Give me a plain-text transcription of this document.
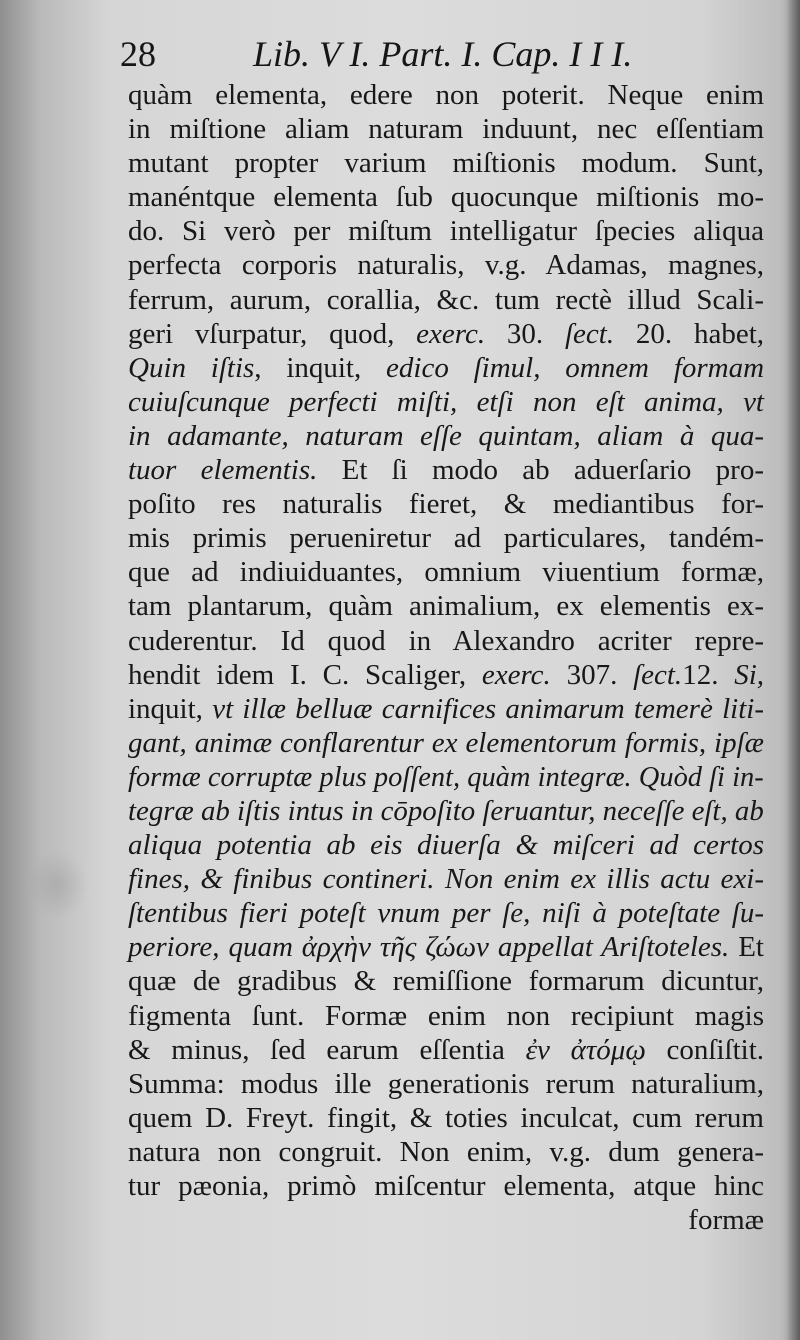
28	Lib. V I. Part. I. Cap. I I I.
quàm elementa, edere non poterit. Neque enim
in miſtione aliam naturam induunt, nec eſſentiam
mutant propter varium miſtionis modum. Sunt,
manéntque elementa ſub quocunque miſtionis mo-
do. Si verò per miſtum intelligatur ſpecies aliqua
perfecta corporis naturalis, v.g. Adamas, magnes,
ferrum, aurum, corallia, &c. tum rectè illud Scali-
geri vſurpatur, quod, exerc. 30. ſect. 20. habet,
Quin iſtis, inquit, edico ſimul, omnem formam
cuiuſcunque perfecti miſti, etſi non eſt anima, vt
in adamante, naturam eſſe quintam, aliam à qua-
tuor elementis. Et ſi modo ab aduerſario pro-
poſito res naturalis fieret, & mediantibus for-
mis primis perueniretur ad particulares, tandém-
que ad indiuiduantes, omnium viuentium formæ,
tam plantarum, quàm animalium, ex elementis ex-
cuderentur. Id quod in Alexandro acriter repre-
hendit idem I. C. Scaliger, exerc. 307. ſect.12. Si,
inquit, vt illæ belluæ carnifices animarum temerè liti-
gant, animæ conflarentur ex elementorum formis, ipſæ
formæ corruptæ plus poſſent, quàm integræ. Quòd ſi in-
tegræ ab iſtis intus in cōpoſito ſeruantur, neceſſe eſt, ab
aliqua potentia ab eis diuerſa & miſceri ad certos
fines, & finibus contineri. Non enim ex illis actu exi-
ſtentibus fieri poteſt vnum per ſe, niſi à poteſtate ſu-
periore, quam ἀρχὴν τῆς ζώων appellat Ariſtoteles. Et
quæ de gradibus & remiſſione formarum dicuntur,
figmenta ſunt. Formæ enim non recipiunt magis
& minus, ſed earum eſſentia ἐν ἀτόμῳ conſiſtit.
Summa: modus ille generationis rerum naturalium,
quem D. Freyt. fingit, & toties inculcat, cum rerum
natura non congruit. Non enim, v.g. dum genera-
tur pæonia, primò miſcentur elementa, atque hinc
formæ
